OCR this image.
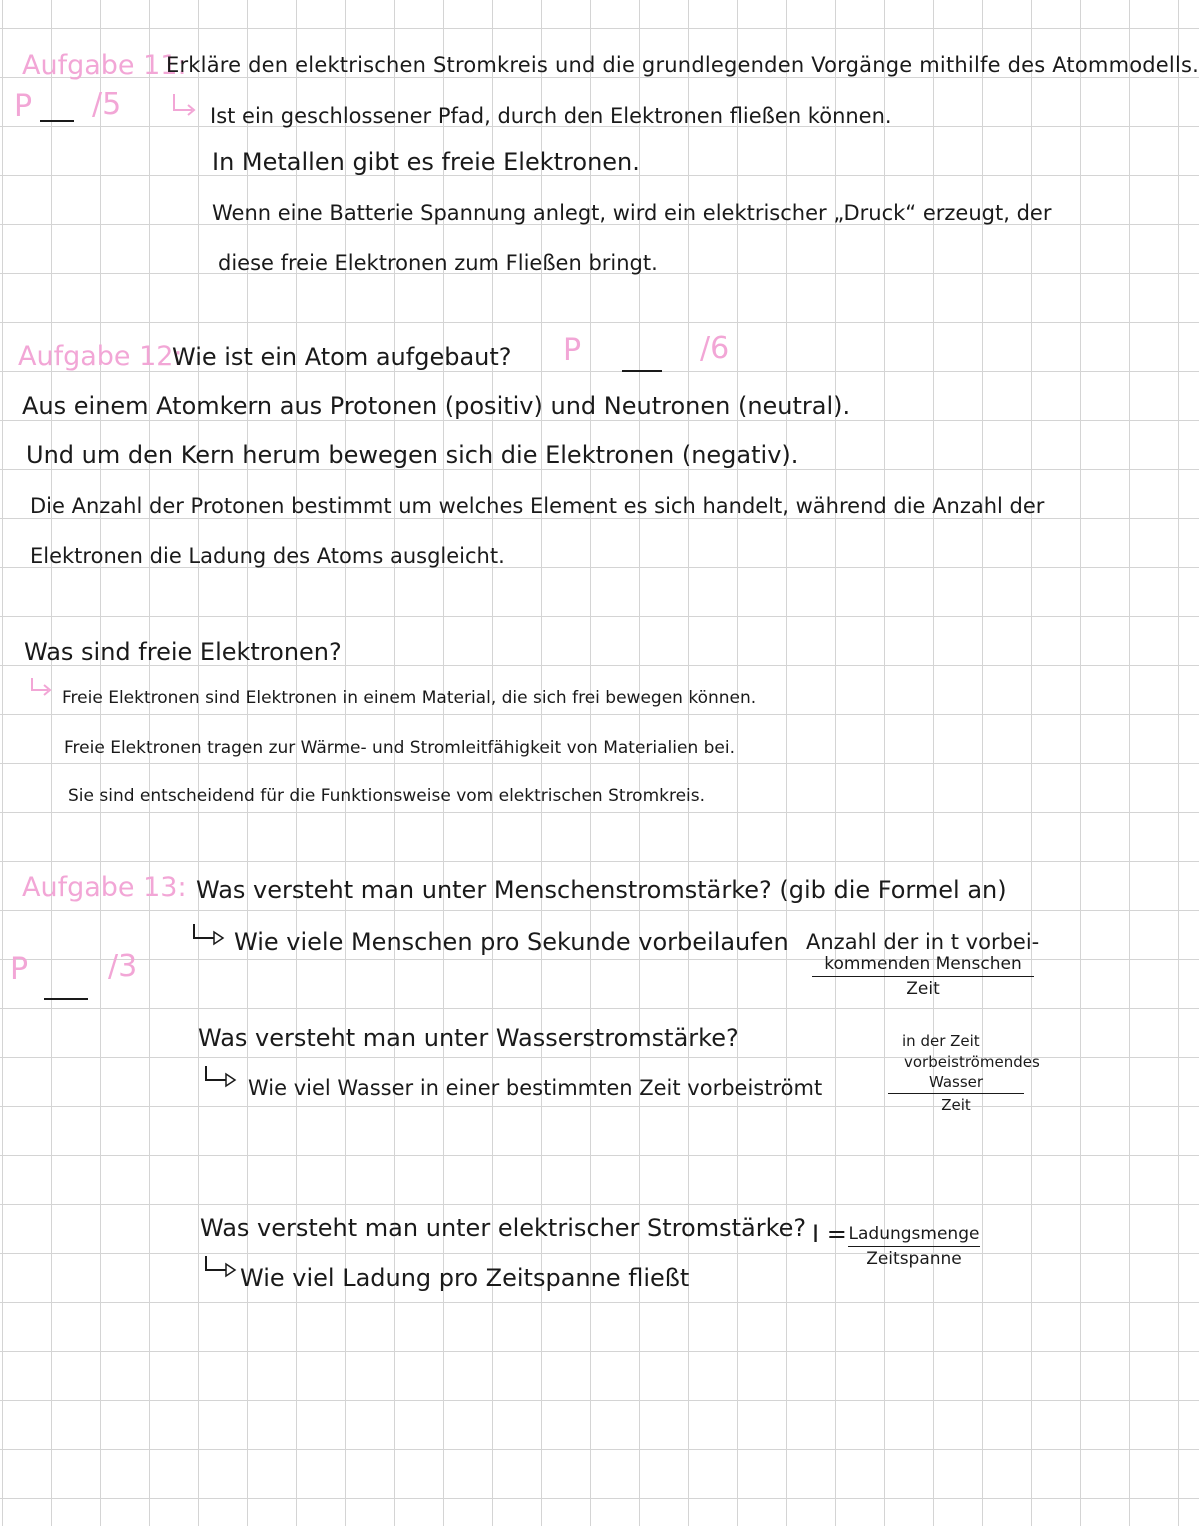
Aufgabe 11:
Erkläre den elektrischen Stromkreis und die grundlegenden Vorgänge mithilfe des Atommodells.
P /5	Ist ein geschlossener Pfad, durch den Elektronen fließen können.
In Metallen gibt es freie Elektronen.
Wenn eine Batterie Spannung anlegt, wird ein elektrischer „Druck“ erzeugt, der
diese freie Elektronen zum Fließen bringt.
Aufgabe 12:
Wie ist ein Atom aufgebaut? P	/6
Aus einem Atomkern aus Protonen (positiv) und Neutronen (neutral).
Und um den Kern herum bewegen sich die Elektronen (negativ).
Die Anzahl der Protonen bestimmt um welches Element es sich handelt, während die Anzahl der
Elektronen die Ladung des Atoms ausgleicht.
Was sind freie Elektronen?
Freie Elektronen sind Elektronen in einem Material, die sich frei bewegen können.
Freie Elektronen tragen zur Wärme- und Stromleitfähigkeit von Materialien bei.
Sie sind entscheidend für die Funktionsweise vom elektrischen Stromkreis.
Aufgabe 13:
P	/3
Was versteht man unter Menschenstromstärke? (gib die Formel an)
Wie viele Menschen pro Sekunde vorbeilaufen Anzahl der in t vorbei-
kommenden Menschen
Zeit
Was versteht man unter Wasserstromstärke?
Wie viel Wasser in einer bestimmten Zeit vorbeiströmt
in der Zeit
vorbeiströmendes
Wasser
Zeit
Was versteht man unter elektrischer Stromstärke?
Wie viel Ladung pro Zeitspanne fließt
I = Ladungsmenge
Zeitspanne
